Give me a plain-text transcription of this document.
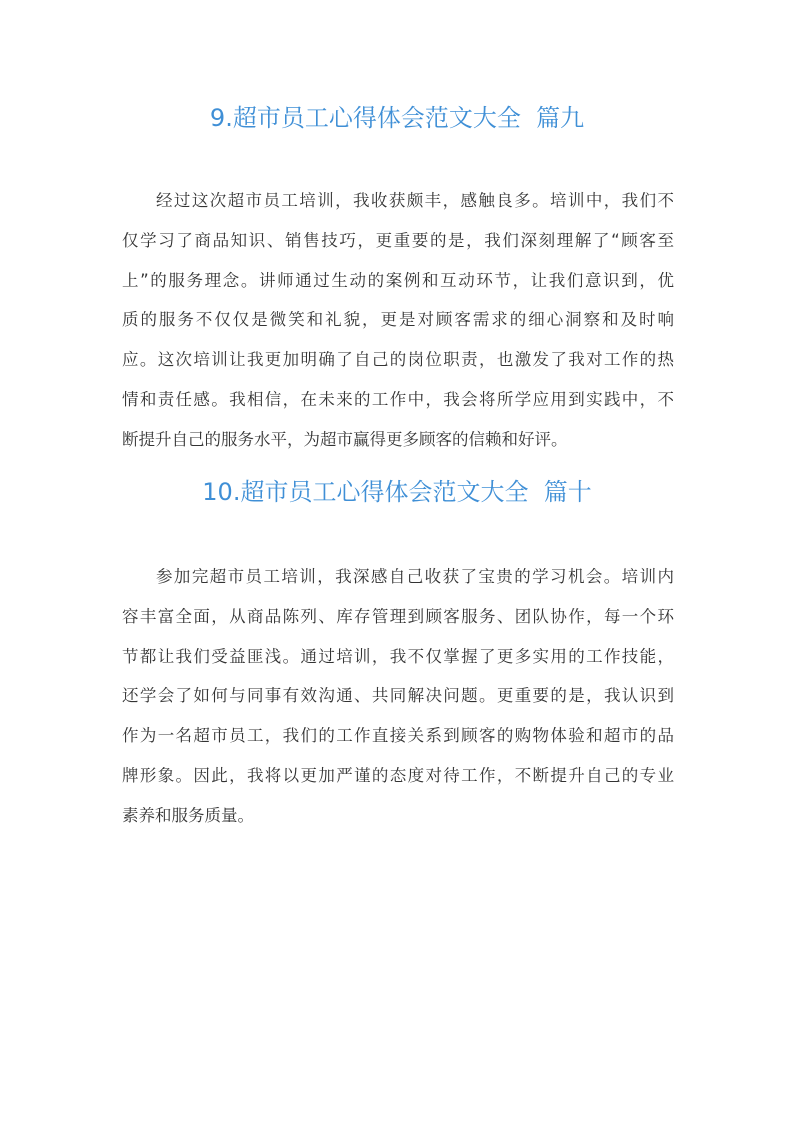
9.超市员工心得体会范文大全  篇九
经过这次超市员工培训，我收获颇丰，感触良多。培训中，我们不
仅学习了商品知识、销售技巧，更重要的是，我们深刻理解了“顾客至
上”的服务理念。讲师通过生动的案例和互动环节，让我们意识到，优
质的服务不仅仅是微笑和礼貌，更是对顾客需求的细心洞察和及时响
应。这次培训让我更加明确了自己的岗位职责，也激发了我对工作的热
情和责任感。我相信，在未来的工作中，我会将所学应用到实践中，不
断提升自己的服务水平，为超市赢得更多顾客的信赖和好评。
10.超市员工心得体会范文大全  篇十
参加完超市员工培训，我深感自己收获了宝贵的学习机会。培训内
容丰富全面，从商品陈列、库存管理到顾客服务、团队协作，每一个环
节都让我们受益匪浅。通过培训，我不仅掌握了更多实用的工作技能，
还学会了如何与同事有效沟通、共同解决问题。更重要的是，我认识到
作为一名超市员工，我们的工作直接关系到顾客的购物体验和超市的品
牌形象。因此，我将以更加严谨的态度对待工作，不断提升自己的专业
素养和服务质量。
